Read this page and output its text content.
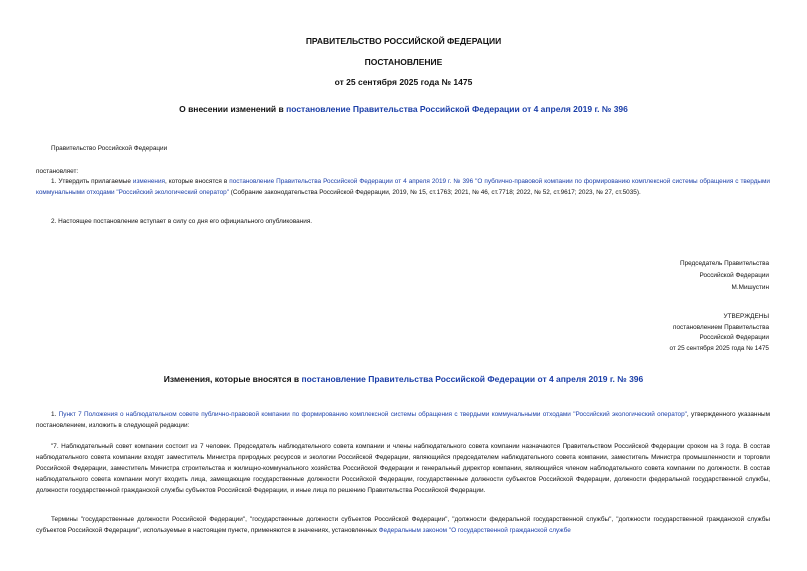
ПРАВИТЕЛЬСТВО РОССИЙСКОЙ ФЕДЕРАЦИИ
ПОСТАНОВЛЕНИЕ
от 25 сентября 2025 года № 1475
О внесении изменений в постановление Правительства Российской Федерации от 4 апреля 2019 г. № 396
Правительство Российской Федерации
постановляет:
1. Утвердить прилагаемые изменения, которые вносятся в постановление Правительства Российской Федерации от 4 апреля 2019 г. № 396 "О публично-правовой компании по формированию комплексной системы обращения с твердыми коммунальными отходами "Российский экологический оператор" (Собрание законодательства Российской Федерации, 2019, № 15, ст.1763; 2021, № 46, ст.7718; 2022, № 52, ст.9617; 2023, № 27, ст.5035).
2. Настоящее постановление вступает в силу со дня его официального опубликования.
Председатель Правительства
Российской Федерации
М.Мишустин
УТВЕРЖДЕНЫ
постановлением Правительства
Российской Федерации
от 25 сентября 2025 года № 1475
Изменения, которые вносятся в постановление Правительства Российской Федерации от 4 апреля 2019 г. № 396
1. Пункт 7 Положения о наблюдательном совете публично-правовой компании по формированию комплексной системы обращения с твердыми коммунальными отходами "Российский экологический оператор", утвержденного указанным постановлением, изложить в следующей редакции:
"7. Наблюдательный совет компании состоит из 7 человек. Председатель наблюдательного совета компании и члены наблюдательного совета компании назначаются Правительством Российской Федерации сроком на 3 года. В состав наблюдательного совета компании входят заместитель Министра природных ресурсов и экологии Российской Федерации, являющийся председателем наблюдательного совета компании, заместитель Министра промышленности и торговли Российской Федерации, заместитель Министра строительства и жилищно-коммунального хозяйства Российской Федерации и генеральный директор компании, являющийся членом наблюдательного совета компании по должности. В состав наблюдательного совета компании могут входить лица, замещающие государственные должности Российской Федерации, государственные должности субъектов Российской Федерации, должности федеральной государственной службы, должности государственной гражданской службы субъектов Российской Федерации, и иные лица по решению Правительства Российской Федерации.
Термины "государственные должности Российской Федерации", "государственные должности субъектов Российской Федерации", "должности федеральной государственной службы", "должности государственной гражданской службы субъектов Российской Федерации", используемые в настоящем пункте, применяются в значениях, установленных Федеральным законом "О государственной гражданской службе
